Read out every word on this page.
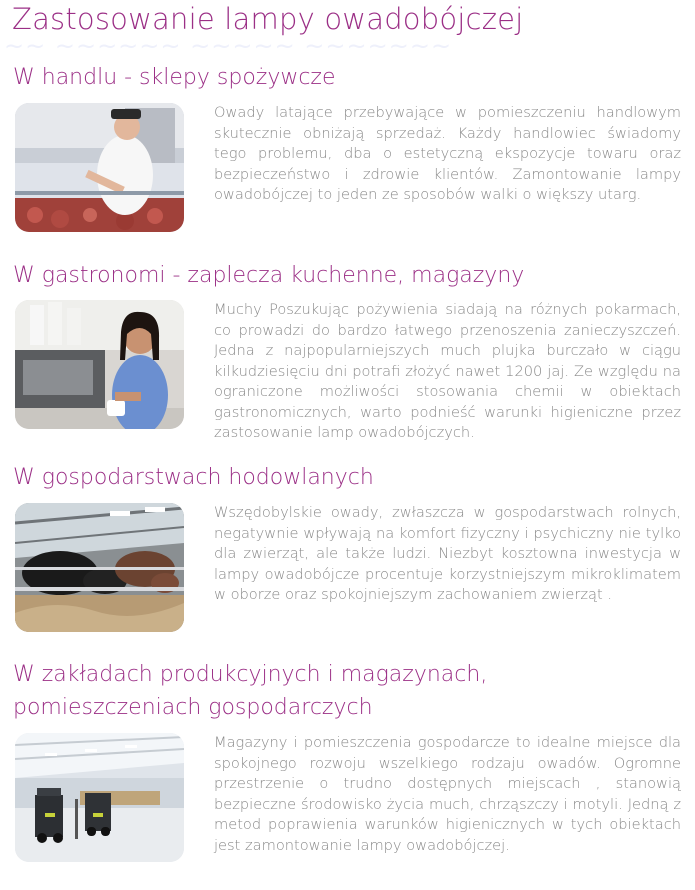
Zastosowanie lampy owadobójczej
~~ ~~~~~~ ~~~~~ ~~~~~~~
W handlu - sklepy spożywcze
Owady latające przebywające w pomieszczeniu handlowym skutecznie obniżają sprzedaż. Każdy handlowiec świadomy tego problemu, dba o estetyczną ekspozycje towaru oraz bezpieczeństwo i zdrowie klientów. Zamontowanie lampy owadobójczej to jeden ze sposobów walki o większy utarg.
W gastronomi - zaplecza kuchenne, magazyny
Muchy Poszukując pożywienia siadają na różnych pokarmach, co prowadzi do bardzo łatwego przenoszenia zanieczyszczeń. Jedna z najpopularniejszych much plujka burczało w ciągu kilkudziesięciu dni potrafi złożyć nawet 1200 jaj. Ze względu na ograniczone możliwości stosowania chemii w obiektach gastronomicznych, warto podnieść warunki higieniczne przez zastosowanie lamp owadobójczych.
W gospodarstwach hodowlanych
Wszędobylskie owady, zwłaszcza w gospodarstwach rolnych, negatywnie wpływają na komfort fizyczny i psychiczny nie tylko dla zwierząt, ale także ludzi. Niezbyt kosztowna inwestycja w lampy owadobójcze procentuje korzystniejszym mikroklimatem w oborze oraz spokojniejszym zachowaniem zwierząt .
W zakładach produkcyjnych i magazynach, pomieszczeniach gospodarczych
Magazyny i pomieszczenia gospodarcze to idealne miejsce dla spokojnego rozwoju wszelkiego rodzaju owadów. Ogromne przestrzenie o trudno dostępnych miejscach , stanowią bezpieczne środowisko życia much, chrząszczy i motyli. Jedną z metod poprawienia warunków higienicznych w tych obiektach jest zamontowanie lampy owadobójczej.
